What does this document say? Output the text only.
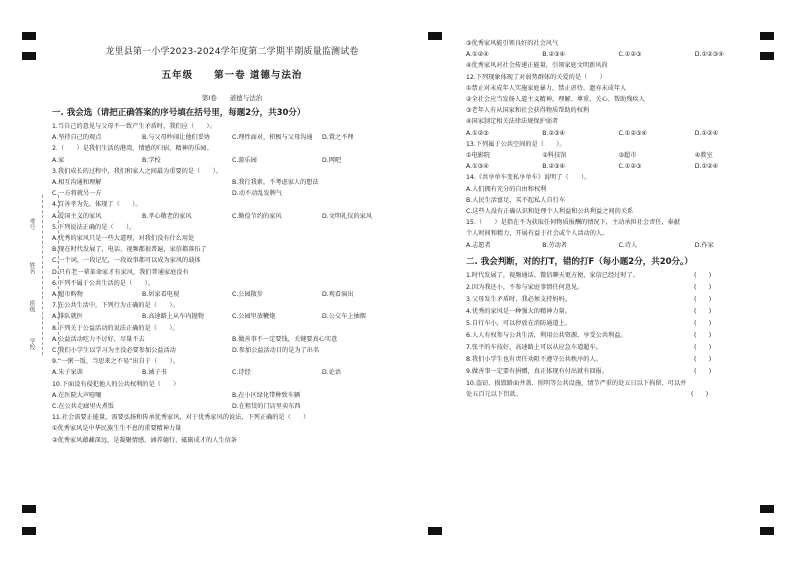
考号
姓名
班级
学校
龙里县第一小学2023-2024学年度第二学期半期质量监测试卷
五年级　　第一卷 道德与法治
第Ⅰ卷　　道德与法治
一. 我会选（请把正确答案的序号填在括号里，每题2分，共30分）
1.当自己的意见与父母不一致产生矛盾时，我们应（　　）。
A.坚持自己的观点	B.与父母吵闹让他们妥协	C.理性面对，积极与父母沟通	D.置之不理
2.（　　）是我们生活的港湾、情感的归宿、精神的乐园。
A.家	B.学校	C.游乐园	D.网吧
3.我们成长的过程中，我们和家人之间最为重要的是（　　）。
A.相互沟通和理解	B.我行我素，不考虑家人的想法
C.一方将就另一方	D.动不动乱发脾气
4.百善孝为先，体现了（　　）。
A.爱国主义的家风	B.孝心敬老的家风	C.勤俭节约的家风	D.文明礼仪的家风
5.下列说法正确的是（　　）。
A.优秀的家风只是一些大道理，对我们没有什么用处
B.现在时代发展了，电话、视频都很普遍，家信都落伍了
C.一个词，一段记忆，一段故事都可以成为家风的载体
D.只有老一辈革命家才有家风，我们普通家庭没有
6.下列不属于公共生活的是（　　）。
A.超市购物	B.居家看电视	C.公园散步	D.观看演出
7.在公共生活中，下列行为正确的是（　　）。
A.排队就医	B.高速路上从车内抛物	C.公园里放鞭炮	D.公交车上抽烟
8.下列关于公益活动的说法正确的是（　　）。
A.公益活动吃力不讨好，尽量不去	B.做善事不一定要钱，关键要真心实意
C.我们小学生以学习为主没必要参加公益活动	D.参加公益活动目的是为了出名
9.“一粥一饭，当思来之不易”出自于（　　）。
A.朱子家训	B.诫子书	C.诗经	D.论语
10.下面设有侵犯他人的公共权利的是（　　）
A.在医院大声喧嚷	B.在小区绿化带种致车辆
C.在公共走廊里火煮饭	D.在租赁的门店里卖东西
11.社会需要正能量，需要弘扬和传承优秀家风，对于优秀家风的说法，下列正确的是（　　）
①优秀家风是中华民族生生不息的重要精神力量
②优秀家风蕴藏深远，是凝聚情感、涵养德行、砥砺成才的人生信条
③优秀家风能引领良好的社会风气
A.①②④	B.②③④	C.①②③	D.①②③④
④优秀家风对社会传递正能量，引领家庭文明新风尚
12.下列现象体现了对弱势群体的关爱的是（　　）
①禁止对未成年人实施家庭暴力，禁止虐待、遗弃未成年人
②全社会应当发扬人道主义精神，理解、尊重、关心、帮助残疾人
③老年人有从国家和社会获得物质帮助的权利
④国家制定相关法律法规保护弱者
A.①②③	B.②③④	C.①②③④	D.①②④
13.下列属于公共空间的是（　　）。
①电影院	②科技馆	③超市	④教室
A.①③④	B.②③④	C.①②③	D.①②④
14.《共享单车变私享单车》说明了（　　）。
A.人们拥有充分的自由和权利
B.人民生活富足，买不起私人自行车
C.这些人没有正确认识和处理个人利益和公共利益之间的关系
15.（　　）是指在不为获取任何物质报酬的情况下，主动承担社会责任，奉献
个人时间和精力，开展有益于社会或个人活动的人。
A.志愿者	B.劳动者	C.诗人	D.作家
二. 我会判断，对的打T，错的打F（每小题2分，共20分。）
1.时代发展了，视频通话、微信聊天更方便，家信已经过时了。	(　　)
2.因为我还小，不参与家庭事情任何意见。	(　　)
3.父母发生矛盾时，我必须支持妈妈。	(　　)
4.优秀的家风是一种强大的精神力量。	(　　)
5.自行车小，可以停放在消防通道上。	(　　)
6.人人有权参与公共生活，利用公共资源，享受公共利益。	(　　)
7.张平的车技好，高速路上可以从应急车道超车。	(　　)
8.我们小学生也有责任劝阻不遵守公共秩序的人。	(　　)
9.做善事一定要有捐赠，真正体现有付出就有回报。	(　　)
10.盗窃、损毁路面井盖、照明等公共设施，情节严重的处五日以下拘留，可以并
处五百元以下罚款。	(　　)
